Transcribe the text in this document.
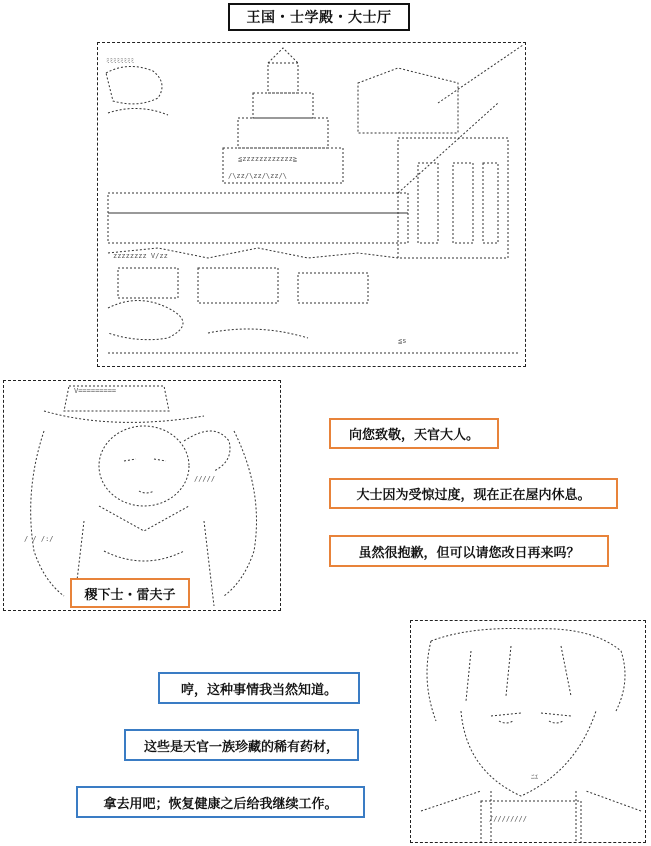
王国・士学殿・大士厅
ﾐﾐﾐﾐﾐﾐﾐﾐ
≦zzzzzzzzzzzz≧
/\zz/\zz/\zz/\
zzzzzzzz V/zz
≦s
V=========
/ / /:/
/////
稷下士・雷夫子
向您致敬，天官大人。
大士因为受惊过度，现在正在屋内休息。
虽然很抱歉，但可以请您改日再来吗？
/////////
ﾆｴ
哼，这种事情我当然知道。
这些是天官一族珍藏的稀有药材，
拿去用吧；恢复健康之后给我继续工作。
